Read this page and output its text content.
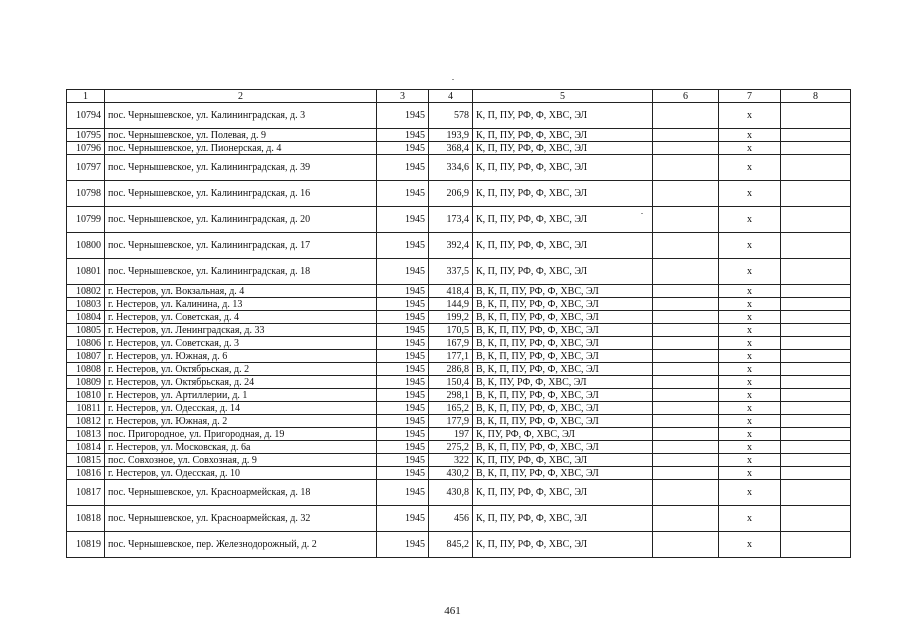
1	2	3	4	5	6	7	8
10794	пос. Чернышевское, ул. Калининградская, д. 3	1945	578	К, П, ПУ, РФ, Ф, ХВС, ЭЛ		x	
10795	пос. Чернышевское, ул. Полевая, д. 9	1945	193,9	К, П, ПУ, РФ, Ф, ХВС, ЭЛ		x	
10796	пос. Чернышевское, ул. Пионерская, д. 4	1945	368,4	К, П, ПУ, РФ, Ф, ХВС, ЭЛ		x	
10797	пос. Чернышевское, ул. Калининградская, д. 39	1945	334,6	К, П, ПУ, РФ, Ф, ХВС, ЭЛ		x	
10798	пос. Чернышевское, ул. Калининградская, д. 16	1945	206,9	К, П, ПУ, РФ, Ф, ХВС, ЭЛ		x	
10799	пос. Чернышевское, ул. Калининградская, д. 20	1945	173,4	К, П, ПУ, РФ, Ф, ХВС, ЭЛ		x	
10800	пос. Чернышевское, ул. Калининградская, д. 17	1945	392,4	К, П, ПУ, РФ, Ф, ХВС, ЭЛ		x	
10801	пос. Чернышевское, ул. Калининградская, д. 18	1945	337,5	К, П, ПУ, РФ, Ф, ХВС, ЭЛ		x	
10802	г. Нестеров, ул. Вокзальная, д. 4	1945	418,4	В, К, П, ПУ, РФ, Ф, ХВС, ЭЛ		x	
10803	г. Нестеров, ул. Калинина, д. 13	1945	144,9	В, К, П, ПУ, РФ, Ф, ХВС, ЭЛ		x	
10804	г. Нестеров, ул. Советская, д. 4	1945	199,2	В, К, П, ПУ, РФ, Ф, ХВС, ЭЛ		x	
10805	г. Нестеров, ул. Ленинградская, д. 33	1945	170,5	В, К, П, ПУ, РФ, Ф, ХВС, ЭЛ		x	
10806	г. Нестеров, ул. Советская, д. 3	1945	167,9	В, К, П, ПУ, РФ, Ф, ХВС, ЭЛ		x	
10807	г. Нестеров, ул. Южная, д. 6	1945	177,1	В, К, П, ПУ, РФ, Ф, ХВС, ЭЛ		x	
10808	г. Нестеров, ул. Октябрьская, д. 2	1945	286,8	В, К, П, ПУ, РФ, Ф, ХВС, ЭЛ		x	
10809	г. Нестеров, ул. Октябрьская, д. 24	1945	150,4	В, К, ПУ, РФ, Ф, ХВС, ЭЛ		x	
10810	г. Нестеров, ул. Артиллерии, д. 1	1945	298,1	В, К, П, ПУ, РФ, Ф, ХВС, ЭЛ		x	
10811	г. Нестеров, ул. Одесская, д. 14	1945	165,2	В, К, П, ПУ, РФ, Ф, ХВС, ЭЛ		x	
10812	г. Нестеров, ул. Южная, д. 2	1945	177,9	В, К, П, ПУ, РФ, Ф, ХВС, ЭЛ		x	
10813	пос. Пригородное, ул. Пригородная, д. 19	1945	197	К, ПУ, РФ, Ф, ХВС, ЭЛ		x	
10814	г. Нестеров, ул. Московская, д. 6а	1945	275,2	В, К, П, ПУ, РФ, Ф, ХВС, ЭЛ		x	
10815	пос. Совхозное, ул. Совхозная, д. 9	1945	322	К, П, ПУ, РФ, Ф, ХВС, ЭЛ		x	
10816	г. Нестеров, ул. Одесская, д. 10	1945	430,2	В, К, П, ПУ, РФ, Ф, ХВС, ЭЛ		x	
10817	пос. Чернышевское, ул. Красноармейская, д. 18	1945	430,8	К, П, ПУ, РФ, Ф, ХВС, ЭЛ		x	
10818	пос. Чернышевское, ул. Красноармейская, д. 32	1945	456	К, П, ПУ, РФ, Ф, ХВС, ЭЛ		x	
10819	пос. Чернышевское, пер. Железнодорожный, д. 2	1945	845,2	К, П, ПУ, РФ, Ф, ХВС, ЭЛ		x	
461
